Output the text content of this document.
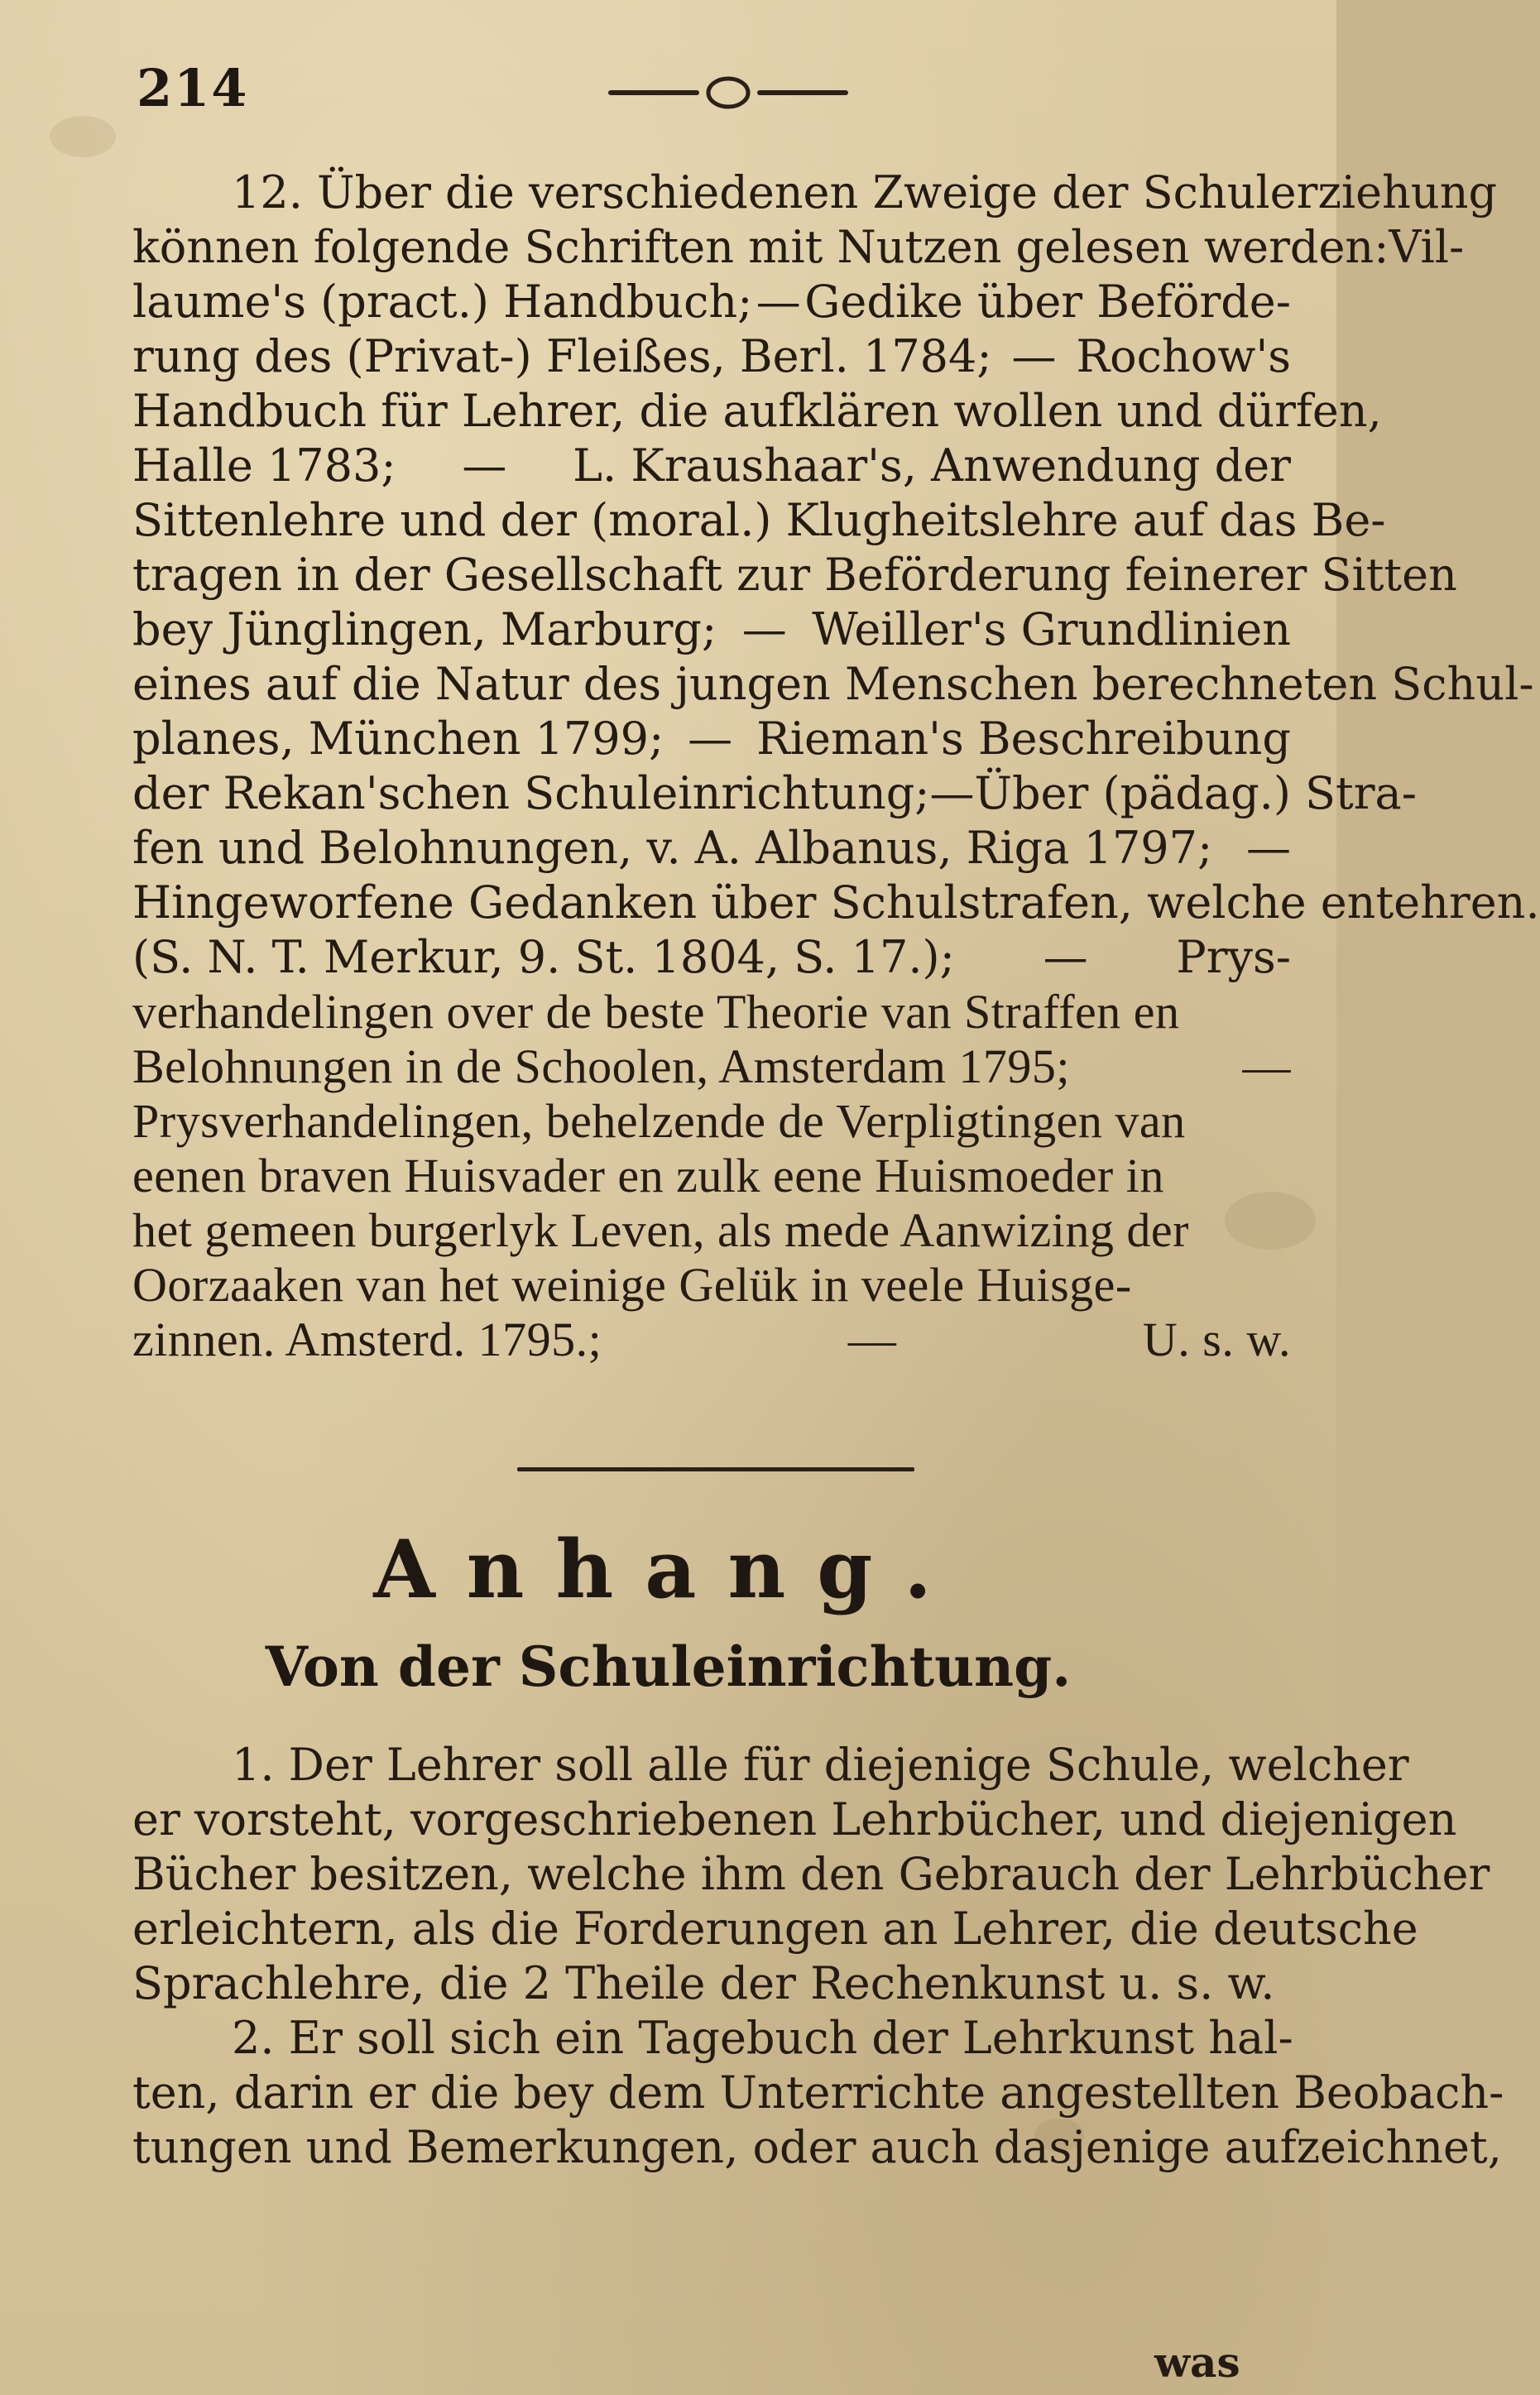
214
12. Über die verschiedenen Zweige der Schulerziehung
können folgende Schriften mit Nutzen gelesen werden: Vil-
laume's (pract.) Handbuch; — Gedike über Beförde-
rung des (Privat-) Fleißes, Berl. 1784; — Rochow's
Handbuch für Lehrer, die aufklären wollen und dürfen,
Halle 1783; — L. Kraushaar's, Anwendung der
Sittenlehre und der (moral.) Klugheitslehre auf das Be-
tragen in der Gesellschaft zur Beförderung feinerer Sitten
bey Jünglingen, Marburg; — Weiller's Grundlinien
eines auf die Natur des jungen Menschen berechneten Schul-
planes, München 1799; — Rieman's Beschreibung
der Rekan'schen Schuleinrichtung; — Über (pädag.) Stra-
fen und Belohnungen, v. A. Albanus, Riga 1797; —
Hingeworfene Gedanken über Schulstrafen, welche entehren.
(S. N. T. Merkur, 9. St. 1804, S. 17.); — Prys-
verhandelingen over de beste Theorie van Straffen en
Belohnungen in de Schoolen, Amsterdam 1795;	—
Prysverhandelingen, behelzende de Verpligtingen van
eenen braven Huisvader en zulk eene Huismoeder in
het gemeen burgerlyk Leven, als mede Aanwizing der
Oorzaaken van het weinige Gelük in veele Huisge-
zinnen. Amsterd. 1795.;	—	U. s. w.
Anhang.
Von der Schuleinrichtung.
1. Der Lehrer soll alle für diejenige Schule, welcher
er vorsteht, vorgeschriebenen Lehrbücher, und diejenigen
Bücher besitzen, welche ihm den Gebrauch der Lehrbücher
erleichtern, als die Forderungen an Lehrer, die deutsche
Sprachlehre, die 2 Theile der Rechenkunst u. s. w.
2. Er soll sich ein Tagebuch der Lehrkunst hal-
ten, darin er die bey dem Unterrichte angestellten Beobach-
tungen und Bemerkungen, oder auch dasjenige aufzeichnet,
was
